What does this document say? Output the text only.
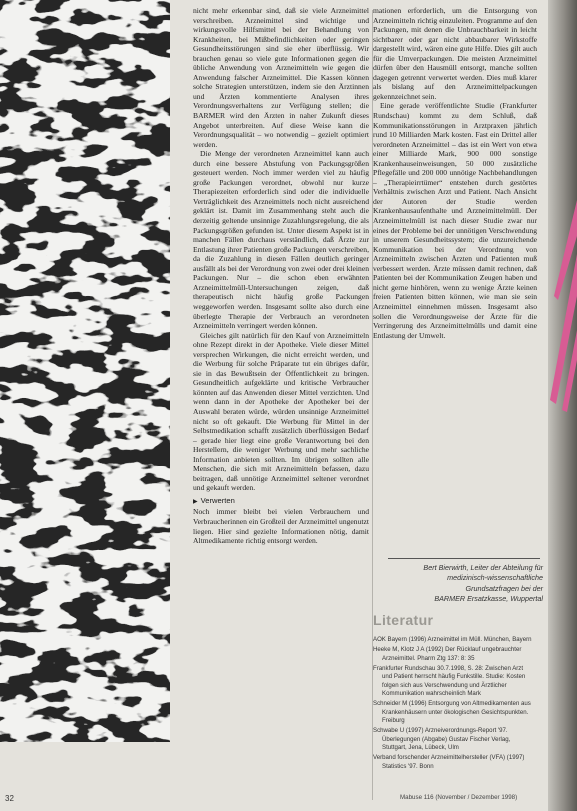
nicht mehr erkennbar sind, daß sie viele Arzneimittel verschreiben. Arzneimittel sind wichtige und wirkungsvolle Hilfsmittel bei der Behandlung von Krankheiten, bei Mißbefindlichkeiten oder geringen Gesundheitsstörungen sind sie eher überflüssig. Wir brauchen genau so viele gute Informationen gegen die übliche Anwendung von Arzneimitteln wie gegen die Anwendung falscher Arzneimittel. Die Kassen können solche Strategien unterstützen, indem sie den Ärztinnen und Ärzten kommentierte Analysen ihres Verordnungsverhaltens zur Verfügung stellen; die BARMER wird den Ärzten in naher Zukunft dieses Angebot unterbreiten. Auf diese Weise kann die Verordnungsqualität – wo notwendig – gezielt optimiert werden.

Die Menge der verordneten Arzneimittel kann auch durch eine bessere Abstufung von Packungsgrößen gesteuert werden. Noch immer werden viel zu häufig große Packungen verordnet, obwohl nur kurze Therapiezeiten erforderlich sind oder die individuelle Verträglichkeit des Arzneimittels noch nicht ausreichend geklärt ist. Damit im Zusammenhang steht auch die derzeitig geltende unsinnige Zuzahlungsregelung, die als Packungsgrößen gefunden ist. Unter diesem Aspekt ist in manchen Fällen durchaus verständlich, daß Ärzte zur Entlastung ihrer Patienten große Packungen verschreiben, da die Zuzahlung in diesen Fällen deutlich geringer ausfällt als bei der Verordnung von zwei oder drei kleinen Packungen. Nur – die schon eben erwähnten Arzneimittelmüll-Untersuchungen zeigen, daß therapeutisch nicht häufig große Packungen weggeworfen werden. Insgesamt sollte also durch eine überlegte Therapie der Verbrauch an verordneten Arzneimitteln verringert werden können.

Gleiches gilt natürlich für den Kauf von Arzneimitteln ohne Rezept direkt in der Apotheke. Viele dieser Mittel versprechen Wirkungen, die nicht erreicht werden, und die Werbung für solche Präparate tut ein übriges dafür, sie in das Bewußtsein der Öffentlichkeit zu bringen. Gesundheitlich aufgeklärte und kritische Verbraucher könnten auf das Anwenden dieser Mittel verzichten. Und wenn dann in der Apotheke der Apotheker bei der Auswahl beraten würde, würden unsinnige Arzneimittel nicht so oft gekauft. Die Werbung für Mittel in der Selbstmedikation schafft zusätzlich überflüssigen Bedarf – gerade hier liegt eine große Verantwortung bei den Herstellern, die weniger Werbung und mehr sachliche Information anbieten sollten. Im übrigen sollten alle Menschen, die sich mit Arzneimitteln befassen, dazu beitragen, daß unnötige Arzneimittel seltener verordnet und gekauft werden.

▶ Verwerten

Noch immer bleibt bei vielen Verbrauchern und Verbraucherinnen ein Großteil der Arzneimittel ungenutzt liegen. Hier sind gezielte Informationen nötig, damit Altmedikamente richtig entsorgt werden.

mationen erforderlich, um die Entsorgung von Arzneimitteln richtig einzuleiten. Programme auf den Packungen, mit denen die Unbrauchbarkeit in leicht sichtbarer oder gar nicht abbaubarer Wirkstoffe dargestellt wird, wären eine gute Hilfe. Dies gilt auch für die Umverpackungen. Die meisten Arzneimittel dürfen über den Hausmüll entsorgt, manche sollten dagegen getrennt verwertet werden. Dies muß klarer als bislang auf den Arzneimittelpackungen gekennzeichnet sein.

Eine gerade veröffentlichte Studie (Frankfurter Rundschau) kommt zu dem Schluß, daß Kommunikationsstörungen in Arztpraxen jährlich rund 10 Milliarden Mark kosten. Fast ein Drittel aller verordneten Arzneimittel – das ist ein Wert von etwa einer Milliarde Mark, 900 000 sonstige Krankenhauseinweisungen, 50 000 zusätzliche Pflegefälle und 200 000 unnötige Nachbehandlungen – „Therapieirrtümer“ entstehen durch gestörtes Verhältnis zwischen Arzt und Patient. Nach Ansicht der Autoren der Studie werden Krankenhausaufenthalte und Arzneimittelmüll. Der Arzneimittelmüll ist nach dieser Studie zwar nur eines der Probleme bei der unnötigen Verschwendung in unserem Gesundheitssystem; die unzureichende Kommunikation bei der Verordnung von Arzneimitteln zwischen Ärzten und Patienten muß verbessert werden. Ärzte müssen damit rechnen, daß Patienten bei der Kommunikation Zeugen haben und nicht gerne hinhören, wenn zu wenige Ärzte keinen freien Patienten bitten können, wie man sie sein Arzneimittel einnehmen müssen. Insgesamt also sollen die Verordnungsweise der Ärzte für die Verringerung des Arzneimittelmülls und damit eine Entlastung der Umwelt.

Bert Bierwirth, Leiter der Abteilung für
medizinisch-wissenschaftliche
Grundsatzfragen bei der
BARMER Ersatzkasse, Wuppertal
Literatur
AOK Bayern (1996) Arzneimittel im Müll. München, Bayern
Heeke M, Klotz J A (1992) Der Rücklauf ungebrauchter Arzneimittel. Pharm Ztg 137: 8: 35
Frankfurter Rundschau 30.7.1998, S. 28: Zwischen Arzt und Patient herrscht häufig Funkstille. Studie: Kosten folgen sich aus Verschwendung und Ärztlicher Kommunikation wahrscheinlich Mark
Schneider M (1996) Entsorgung von Altmedikamenten aus Krankenhäusern unter ökologischen Gesichtspunkten. Freiburg
Schwabe U (1997) Arzneiverordnungs-Report '97. Überlegungen (Abgabe) Gustav Fischer Verlag, Stuttgart, Jena, Lübeck, Ulm
Verband forschender Arzneimittelhersteller (VFA) (1997) Statistics '97. Bonn
32	Mabuse 116 (November / Dezember 1998)
